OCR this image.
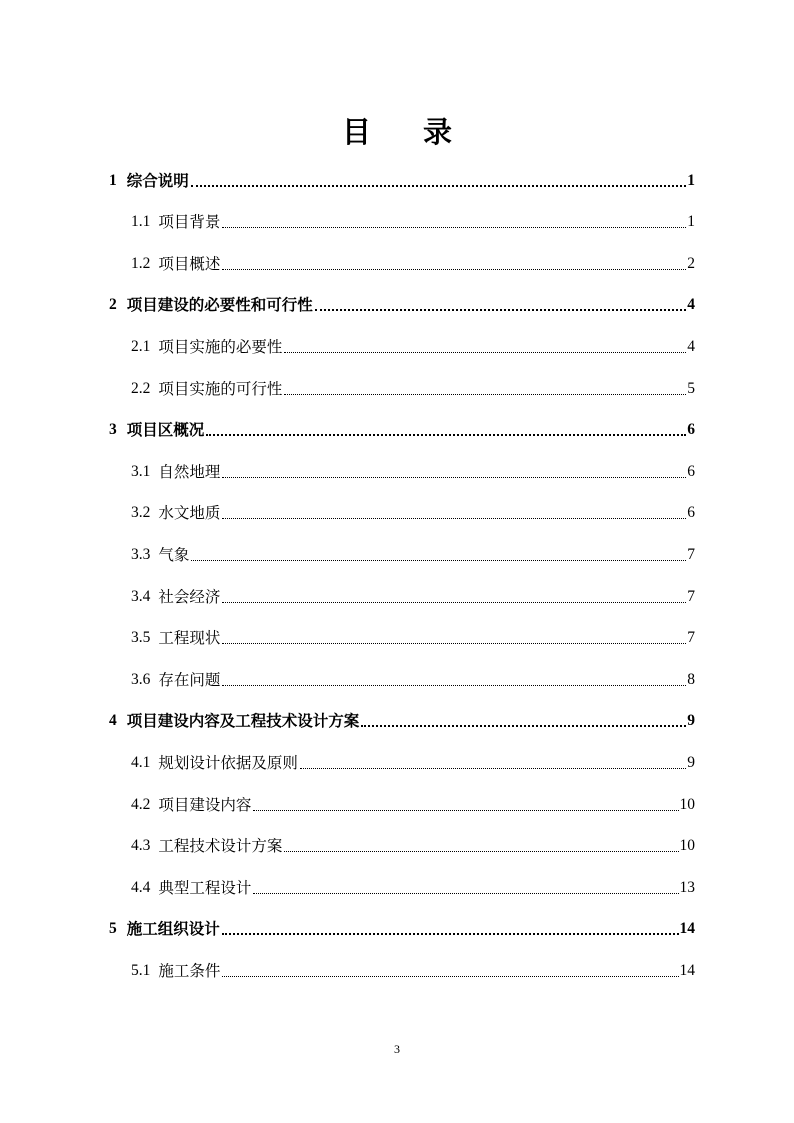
目录
1 综合说明	1
1.1 项目背景	1
1.2 项目概述	2
2 项目建设的必要性和可行性	4
2.1 项目实施的必要性	4
2.2 项目实施的可行性	5
3 项目区概况	6
3.1 自然地理	6
3.2 水文地质	6
3.3 气象	7
3.4 社会经济	7
3.5 工程现状	7
3.6 存在问题	8
4 项目建设内容及工程技术设计方案	9
4.1 规划设计依据及原则	9
4.2 项目建设内容	10
4.3 工程技术设计方案	10
4.4 典型工程设计	13
5 施工组织设计	14
5.1 施工条件	14
3
